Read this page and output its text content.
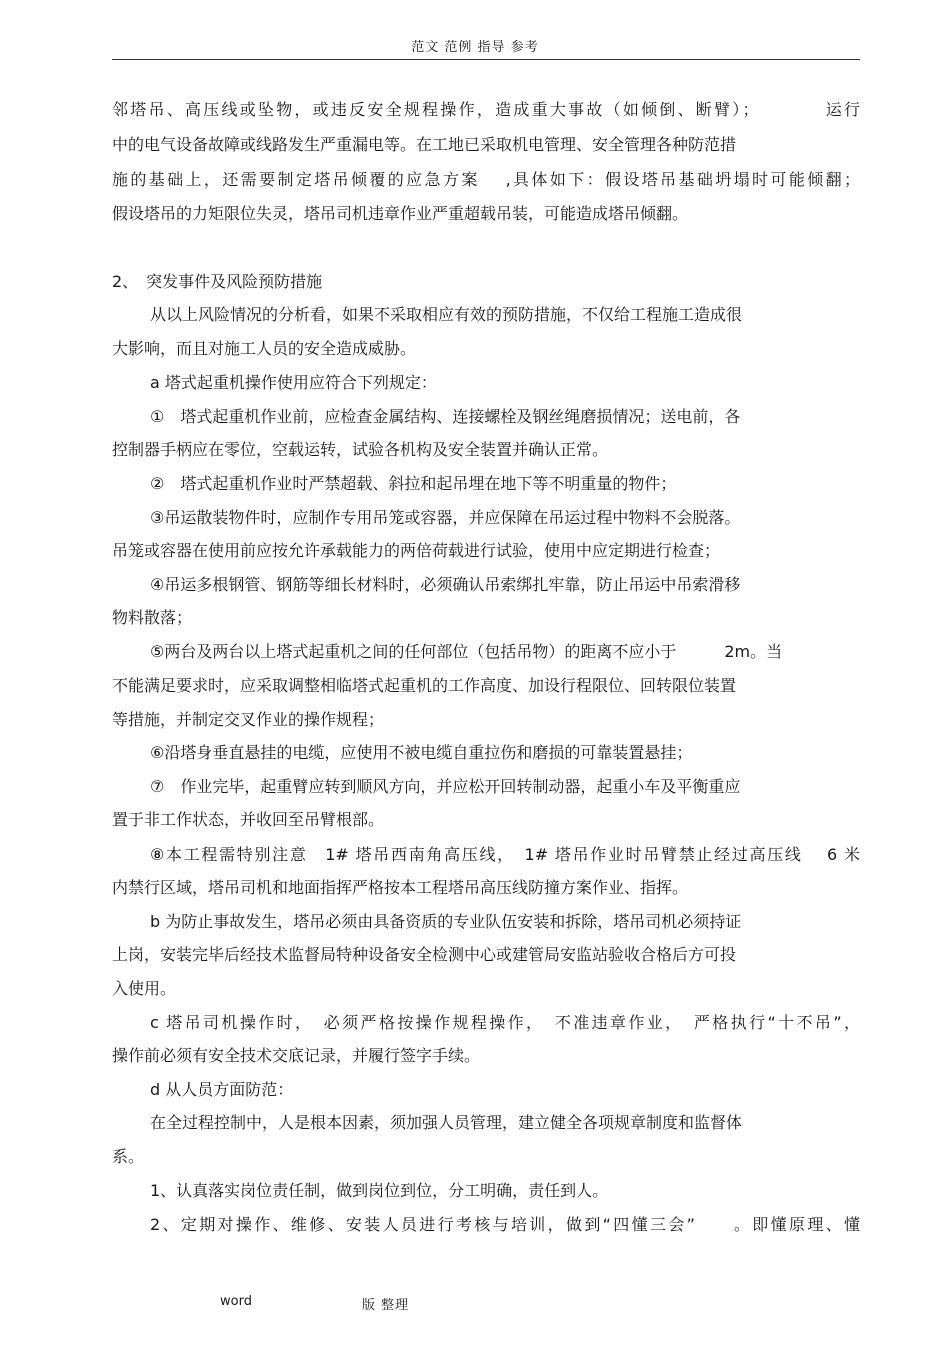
范文 范例 指导 参考
邻塔吊、高压线或坠物，或违反安全规程操作，造成重大事故（如倾倒、断臂）；　　　　运行
中的电气设备故障或线路发生严重漏电等。在工地已采取机电管理、安全管理各种防范措
施的基础上，还需要制定塔吊倾覆的应急方案　 ,具体如下：假设塔吊基础坍塌时可能倾翻；
假设塔吊的力矩限位失灵，塔吊司机违章作业严重超载吊装，可能造成塔吊倾翻。
2、　突发事件及风险预防措施
从以上风险情况的分析看，如果不采取相应有效的预防措施，不仅给工程施工造成很
大影响，而且对施工人员的安全造成威胁。
a 塔式起重机操作使用应符合下列规定：
①　塔式起重机作业前，应检查金属结构、连接螺栓及钢丝绳磨损情况；送电前，各
控制器手柄应在零位，空载运转，试验各机构及安全装置并确认正常。
②　塔式起重机作业时严禁超载、斜拉和起吊埋在地下等不明重量的物件；
③吊运散装物件时，应制作专用吊笼或容器，并应保障在吊运过程中物料不会脱落。
吊笼或容器在使用前应按允许承载能力的两倍荷载进行试验，使用中应定期进行检查；
④吊运多根钢管、钢筋等细长材料时，必须确认吊索绑扎牢靠，防止吊运中吊索滑移
物料散落；
⑤两台及两台以上塔式起重机之间的任何部位（包括吊物）的距离不应小于　　　2m。当
不能满足要求时，应采取调整相临塔式起重机的工作高度、加设行程限位、回转限位装置
等措施，并制定交叉作业的操作规程；
⑥沿塔身垂直悬挂的电缆，应使用不被电缆自重拉伤和磨损的可靠装置悬挂；
⑦　作业完毕，起重臂应转到顺风方向，并应松开回转制动器，起重小车及平衡重应
置于非工作状态，并收回至吊臂根部。
⑧本工程需特别注意　1# 塔吊西南角高压线，　1# 塔吊作业时吊臂禁止经过高压线　 6 米
内禁行区域，塔吊司机和地面指挥严格按本工程塔吊高压线防撞方案作业、指挥。
b 为防止事故发生，塔吊必须由具备资质的专业队伍安装和拆除，塔吊司机必须持证
上岗，安装完毕后经技术监督局特种设备安全检测中心或建管局安监站验收合格后方可投
入使用。
c 塔吊司机操作时，　必须严格按操作规程操作，　不准违章作业，　严格执行“十不吊”，
操作前必须有安全技术交底记录，并履行签字手续。
d 从人员方面防范：
在全过程控制中，人是根本因素，须加强人员管理，建立健全各项规章制度和监督体
系。
1、认真落实岗位责任制，做到岗位到位，分工明确，责任到人。
2、定期对操作、维修、安装人员进行考核与培训，做到“四懂三会”　　。即懂原理、懂
word	版 整理
